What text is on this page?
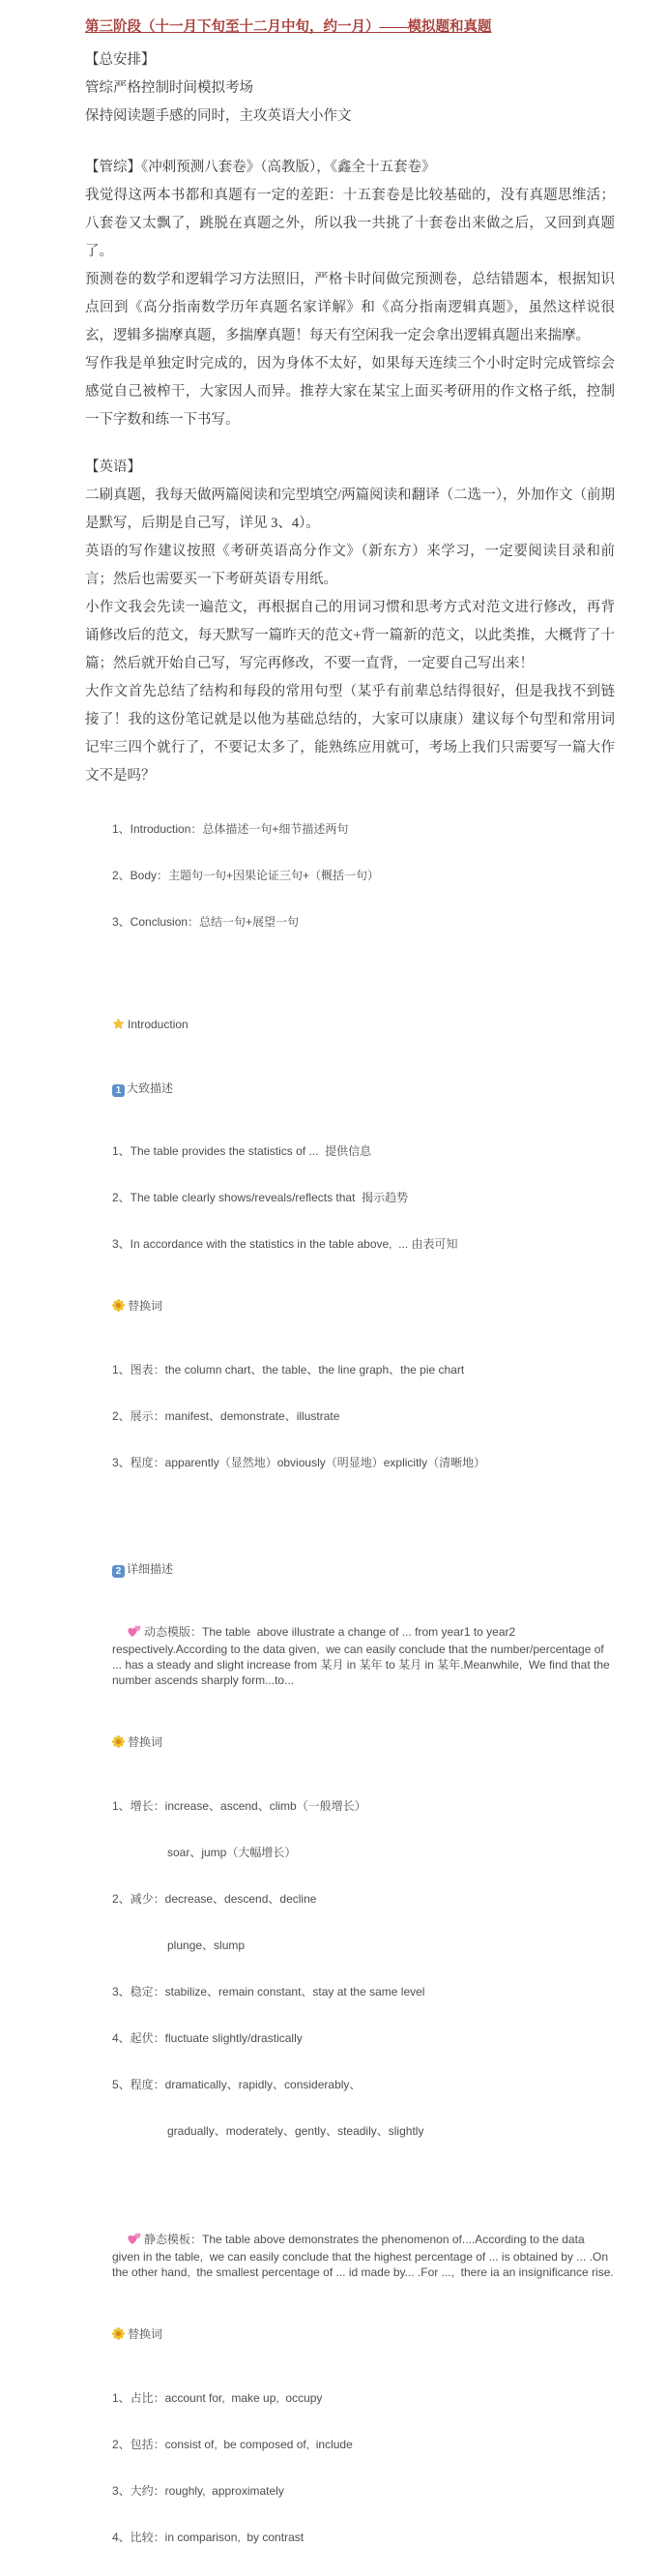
第三阶段（十一月下旬至十二月中旬，约一月）——模拟题和真题

【总安排】

管综严格控制时间模拟考场

保持阅读题手感的同时，主攻英语大小作文

【管综】《冲刺预测八套卷》（高教版），《鑫全十五套卷》

我觉得这两本书都和真题有一定的差距：十五套卷是比较基础的，没有真题思维活；八套卷又太飘了，跳脱在真题之外，所以我一共挑了十套卷出来做之后，又回到真题了。

预测卷的数学和逻辑学习方法照旧，严格卡时间做完预测卷，总结错题本，根据知识点回到《高分指南数学历年真题名家详解》和《高分指南逻辑真题》，虽然这样说很玄，逻辑多揣摩真题，多揣摩真题！每天有空闲我一定会拿出逻辑真题出来揣摩。

写作我是单独定时完成的，因为身体不太好，如果每天连续三个小时定时完成管综会感觉自己被榨干，大家因人而异。推荐大家在某宝上面买考研用的作文格子纸，控制一下字数和练一下书写。

【英语】

二刷真题，我每天做两篇阅读和完型填空/两篇阅读和翻译（二选一），外加作文（前期是默写，后期是自己写，详见 3、4）。

英语的写作建议按照《考研英语高分作文》（新东方）来学习，一定要阅读目录和前言；然后也需要买一下考研英语专用纸。

小作文我会先读一遍范文，再根据自己的用词习惯和思考方式对范文进行修改，再背诵修改后的范文，每天默写一篇昨天的范文+背一篇新的范文，以此类推，大概背了十篇；然后就开始自己写，写完再修改，不要一直背，一定要自己写出来！

大作文首先总结了结构和每段的常用句型（某乎有前辈总结得很好，但是我找不到链接了！我的这份笔记就是以他为基础总结的，大家可以康康）建议每个句型和常用词记牢三四个就行了，不要记太多了，能熟练应用就可，考场上我们只需要写一篇大作文不是吗？

1、Introduction：总体描述一句+细节描述两句

2、Body：主题句一句+因果论证三句+（概括一句）

3、Conclusion：总结一句+展望一句

Introduction

1 大致描述

1、The table provides the statistics of ...  提供信息

2、The table clearly shows/reveals/reflects that  揭示趋势

3、In accordance with the statistics in the table above,  ... 由表可知

替换词

1、图表：the column chart、the table、the line graph、the pie chart

2、展示：manifest、demonstrate、illustrate

3、程度：apparently（显然地）obviously（明显地）explicitly（清晰地）

2 详细描述

动态模版：The table  above illustrate a change of ... from year1 to year2 respectively.According to the data given,  we can easily conclude that the number/percentage of ... has a steady and slight increase from 某月 in 某年 to 某月 in 某年.Meanwhile,  We find that the number ascends sharply form...to...

替换词

1、增长：increase、ascend、climb（一般增长）

soar、jump（大幅增长）

2、减少：decrease、descend、decline

plunge、slump

3、稳定：stabilize、remain constant、stay at the same level

4、起伏：fluctuate slightly/drastically

5、程度：dramatically、rapidly、considerably、

gradually、moderately、gently、steadily、slightly

静态模板：The table above demonstrates the phenomenon of....According to the data given in the table,  we can easily conclude that the highest percentage of ... is obtained by ... .On the other hand,  the smallest percentage of ... id made by... .For ...,  there ia an insignificance rise.

替换词

1、占比：account for,  make up,  occupy

2、包括：consist of,  be composed of,  include

3、大约：roughly,  approximately

4、比较：in comparison,  by contrast
